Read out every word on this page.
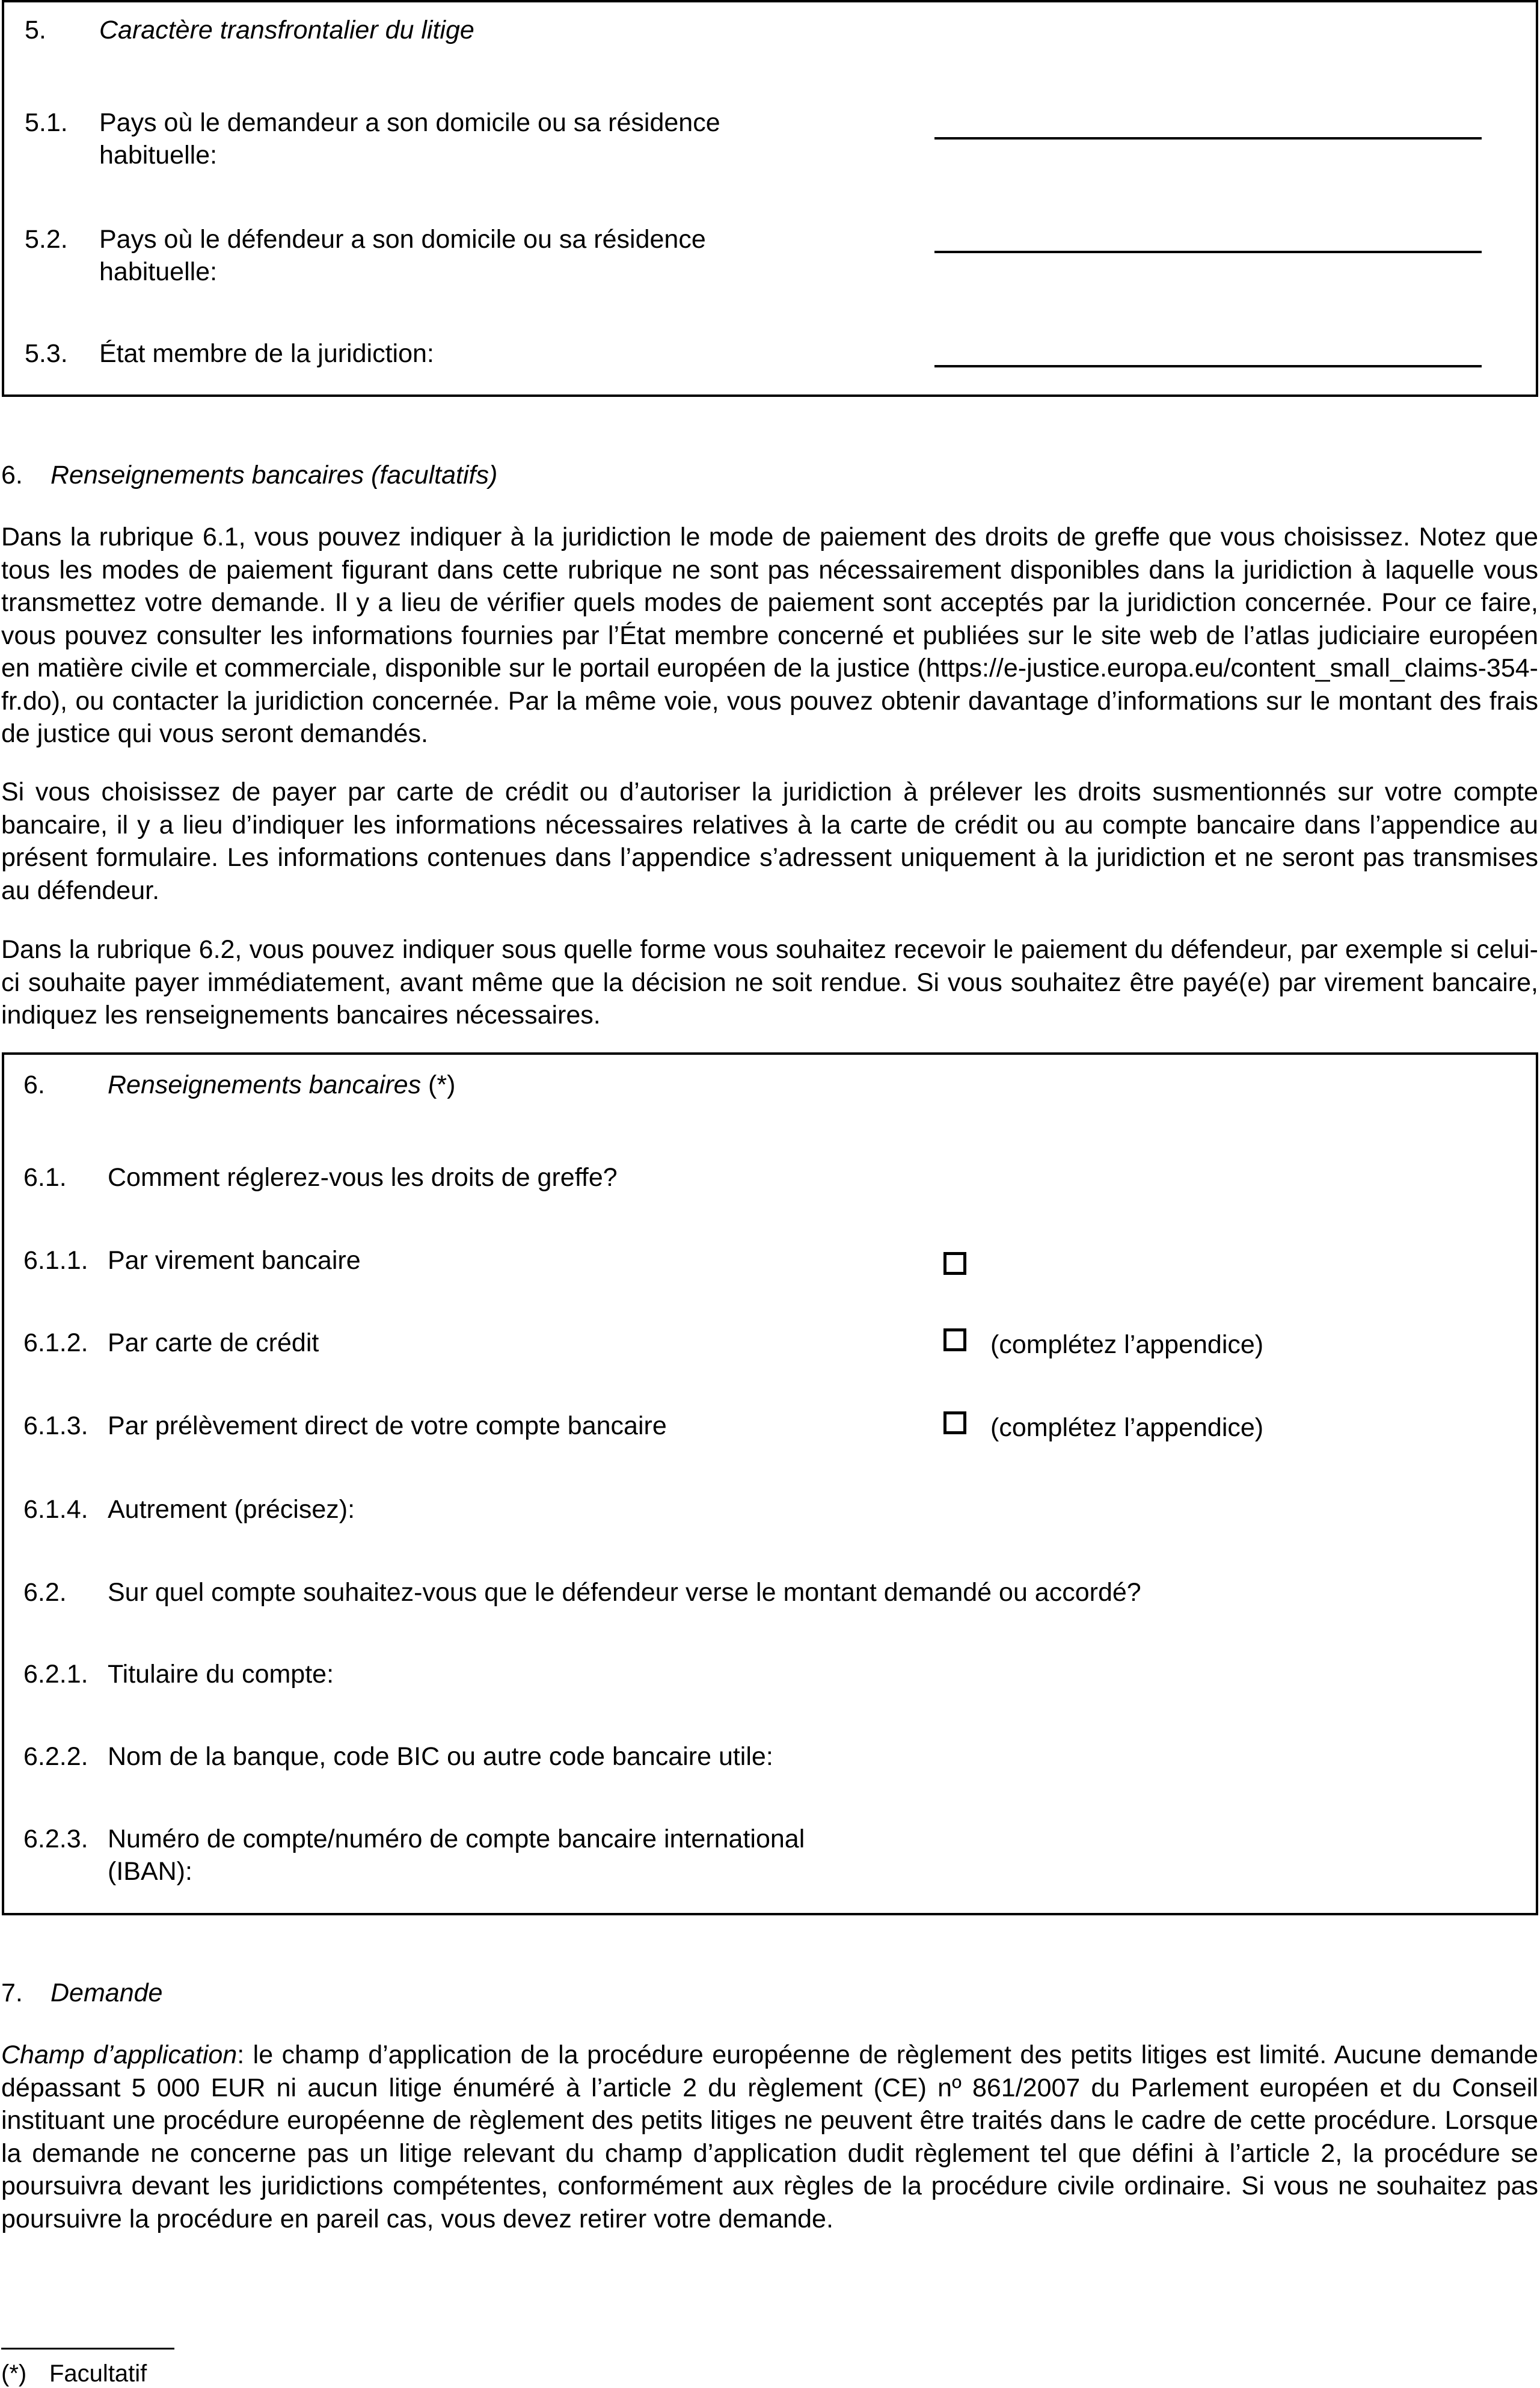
5. Caractère transfrontalier du litige
5.1. Pays où le demandeur a son domicile ou sa résidence
habituelle:
5.2. Pays où le défendeur a son domicile ou sa résidence
habituelle:
5.3. État membre de la juridiction:
6. Renseignements bancaires (facultatifs)

Dans la rubrique 6.1, vous pouvez indiquer à la juridiction le mode de paiement des droits de greffe que vous choisissez. Notez que tous les modes de paiement figurant dans cette rubrique ne sont pas nécessairement disponibles dans la juridiction à laquelle vous transmettez votre demande. Il y a lieu de vérifier quels modes de paiement sont acceptés par la juridiction concernée. Pour ce faire, vous pouvez consulter les informations fournies par l’État membre concerné et publiées sur le site web de l’atlas judiciaire européen en matière civile et commerciale, disponible sur le portail européen de la justice (https://e-justice.europa.eu/content_small_claims-354-fr.do), ou contacter la juridiction concernée. Par la même voie, vous pouvez obtenir davantage d’informations sur le montant des frais de justice qui vous seront demandés.

Si vous choisissez de payer par carte de crédit ou d’autoriser la juridiction à prélever les droits susmentionnés sur votre compte bancaire, il y a lieu d’indiquer les informations nécessaires relatives à la carte de crédit ou au compte bancaire dans l’appendice au présent formulaire. Les informations contenues dans l’appendice s’adressent uniquement à la juridiction et ne seront pas transmises au défendeur.

Dans la rubrique 6.2, vous pouvez indiquer sous quelle forme vous souhaitez recevoir le paiement du défendeur, par exemple si celui-ci souhaite payer immédiatement, avant même que la décision ne soit rendue. Si vous souhaitez être payé(e) par virement bancaire, indiquez les renseignements bancaires nécessaires.

6. Renseignements bancaires (*)
6.1. Comment réglerez-vous les droits de greffe?
6.1.1. Par virement bancaire
6.1.2. Par carte de crédit	(complétez l’appendice)
6.1.3. Par prélèvement direct de votre compte bancaire	(complétez l’appendice)
6.1.4. Autrement (précisez):
6.2. Sur quel compte souhaitez-vous que le défendeur verse le montant demandé ou accordé?
6.2.1. Titulaire du compte:
6.2.2. Nom de la banque, code BIC ou autre code bancaire utile:
6.2.3. Numéro de compte/numéro de compte bancaire international
(IBAN):
7. Demande

Champ d’application: le champ d’application de la procédure européenne de règlement des petits litiges est limité. Aucune demande dépassant 5 000 EUR ni aucun litige énuméré à l’article 2 du règlement (CE) nº 861/2007 du Parlement européen et du Conseil instituant une procédure européenne de règlement des petits litiges ne peuvent être traités dans le cadre de cette procédure. Lorsque la demande ne concerne pas un litige relevant du champ d’application dudit règlement tel que défini à l’article 2, la procédure se poursuivra devant les juridictions compétentes, conformément aux règles de la procédure civile ordinaire. Si vous ne souhaitez pas poursuivre la procédure en pareil cas, vous devez retirer votre demande.

(*) Facultatif
